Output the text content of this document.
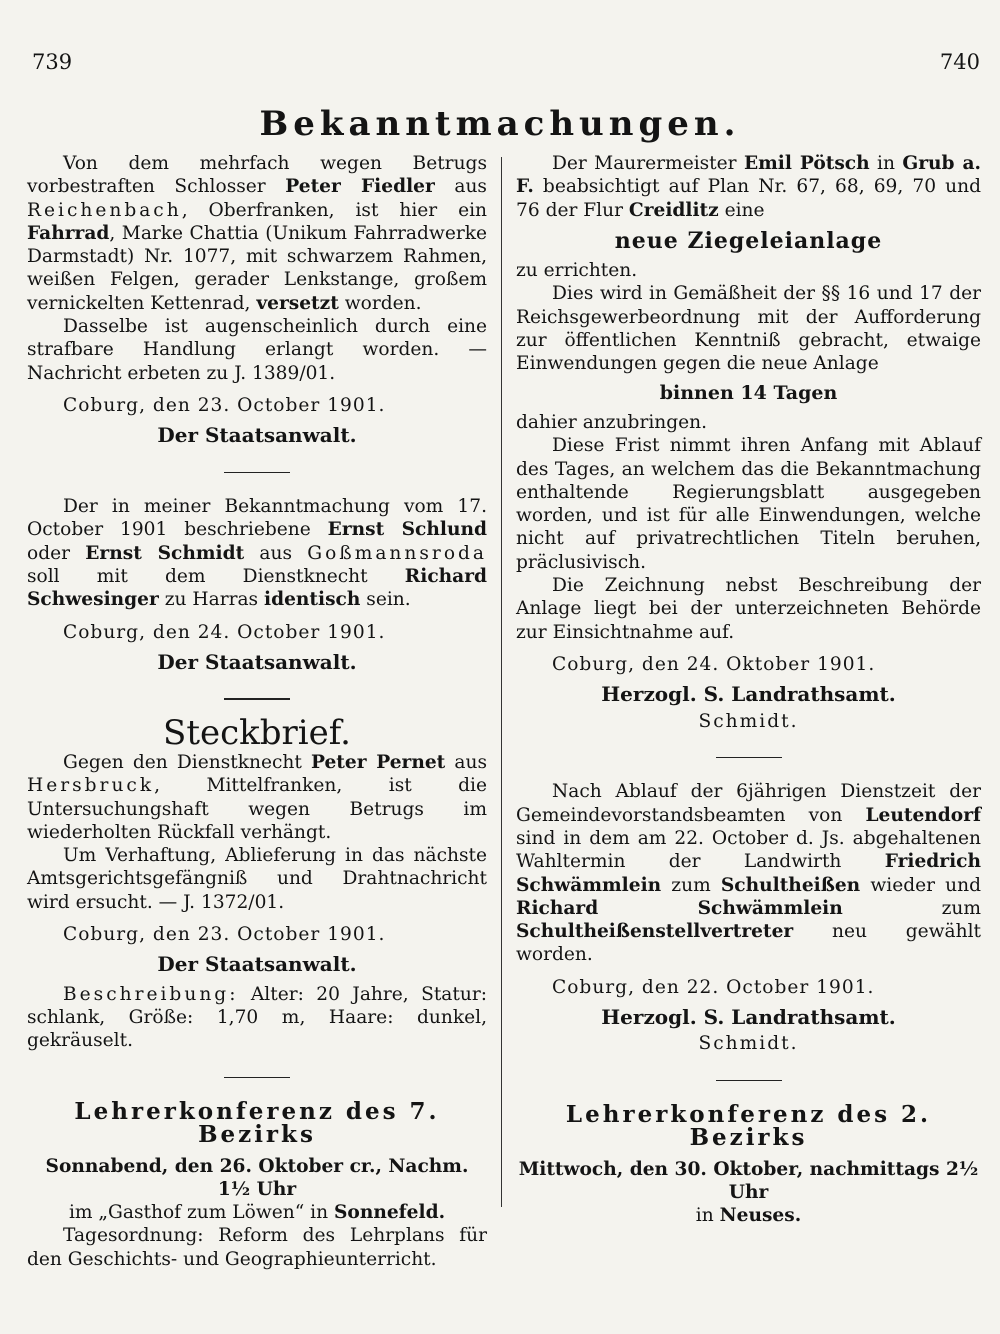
739	740
Bekanntmachungen.

Von dem mehrfach wegen Betrugs vorbestraften Schlosser Peter Fiedler aus Reichenbach, Oberfranken, ist hier ein Fahrrad, Marke Chattia (Unikum Fahrradwerke Darmstadt) Nr. 1077, mit schwarzem Rahmen, weißen Felgen, gerader Lenkstange, großem vernickelten Kettenrad, versetzt worden.

Dasselbe ist augenscheinlich durch eine strafbare Handlung erlangt worden. — Nachricht erbeten zu J. 1389/01.

Coburg, den 23. October 1901.

Der Staatsanwalt.

Der in meiner Bekanntmachung vom 17. October 1901 beschriebene Ernst Schlund oder Ernst Schmidt aus Goßmannsroda soll mit dem Dienstknecht Richard Schwesinger zu Harras identisch sein.

Coburg, den 24. October 1901.

Der Staatsanwalt.
Steckbrief.

Gegen den Dienstknecht Peter Pernet aus Hersbruck, Mittelfranken, ist die Untersuchungshaft wegen Betrugs im wiederholten Rückfall verhängt.

Um Verhaftung, Ablieferung in das nächste Amtsgerichtsgefängniß und Drahtnachricht wird ersucht. — J. 1372/01.

Coburg, den 23. October 1901.

Der Staatsanwalt.

Beschreibung: Alter: 20 Jahre, Statur: schlank, Größe: 1,70 m, Haare: dunkel, gekräuselt.

Lehrerkonferenz des 7. Bezirks
Sonnabend, den 26. Oktober cr., Nachm. 1½ Uhr
im „Gasthof zum Löwen“ in Sonnefeld.

Tagesordnung: Reform des Lehrplans für den Geschichts- und Geographieunterricht.

Der Maurermeister Emil Pötsch in Grub a. F. beabsichtigt auf Plan Nr. 67, 68, 69, 70 und 76 der Flur Creidlitz eine

neue Ziegeleianlage

zu errichten.

Dies wird in Gemäßheit der §§ 16 und 17 der Reichsgewerbeordnung mit der Aufforderung zur öffentlichen Kenntniß gebracht, etwaige Einwendungen gegen die neue Anlage

binnen 14 Tagen

dahier anzubringen.

Diese Frist nimmt ihren Anfang mit Ablauf des Tages, an welchem das die Bekanntmachung enthaltende Regierungsblatt ausgegeben worden, und ist für alle Einwendungen, welche nicht auf privatrechtlichen Titeln beruhen, präclusivisch.

Die Zeichnung nebst Beschreibung der Anlage liegt bei der unterzeichneten Behörde zur Einsichtnahme auf.

Coburg, den 24. Oktober 1901.

Herzogl. S. Landrathsamt.
Schmidt.

Nach Ablauf der 6jährigen Dienstzeit der Gemeindevorstandsbeamten von Leutendorf sind in dem am 22. October d. Js. abgehaltenen Wahltermin der Landwirth Friedrich Schwämmlein zum Schultheißen wieder und Richard Schwämmlein zum Schultheißenstellvertreter neu gewählt worden.

Coburg, den 22. October 1901.

Herzogl. S. Landrathsamt.
Schmidt.
Lehrerkonferenz des 2. Bezirks
Mittwoch, den 30. Oktober, nachmittags 2½ Uhr
in Neuses.
